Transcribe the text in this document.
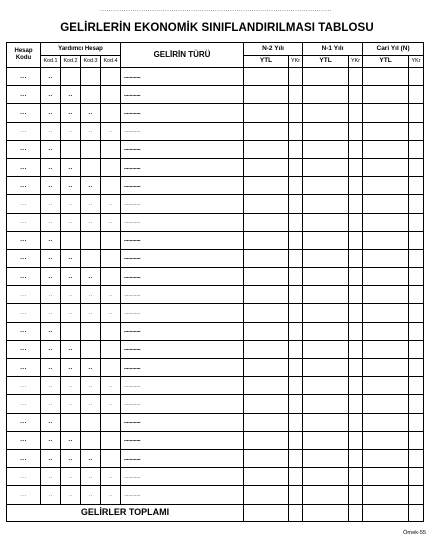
...........................................................................................................
GELİRLERİN EKONOMİK SINIFLANDIRILMASI TABLOSU
Hesap Kodu	Yardımcı Hesap				GELİRİN TÜRÜ	N-2 Yılı		N-1 Yılı		Cari Yıl (N)	
	Kod.1	Kod.2	Kod.3	Kod.4		YTL	YKr	YTL	YKr	YTL	YKr
...	..				............						
...	..	..			............						
...	..	..	..		............						
...	..	..	..	..	............						
...	..				............						
...	..	..			............						
...	..	..	..		............						
...	..	..	..	..	............						
...	..	..	..	..	............						
...	..				............						
...	..	..			............						
...	..	..	..		............						
...	..	..	..	..	............						
...	..	..	..	..	............						
...	..				............						
...	..	..			............						
...	..	..	..		............						
...	..	..	..	..	............						
...	..	..	..	..	............						
...	..				............						
...	..	..			............						
...	..	..	..		............						
...	..	..	..	..	............						
...	..	..	..	..	............						
GELİRLER TOPLAMI											
Örnek-55
